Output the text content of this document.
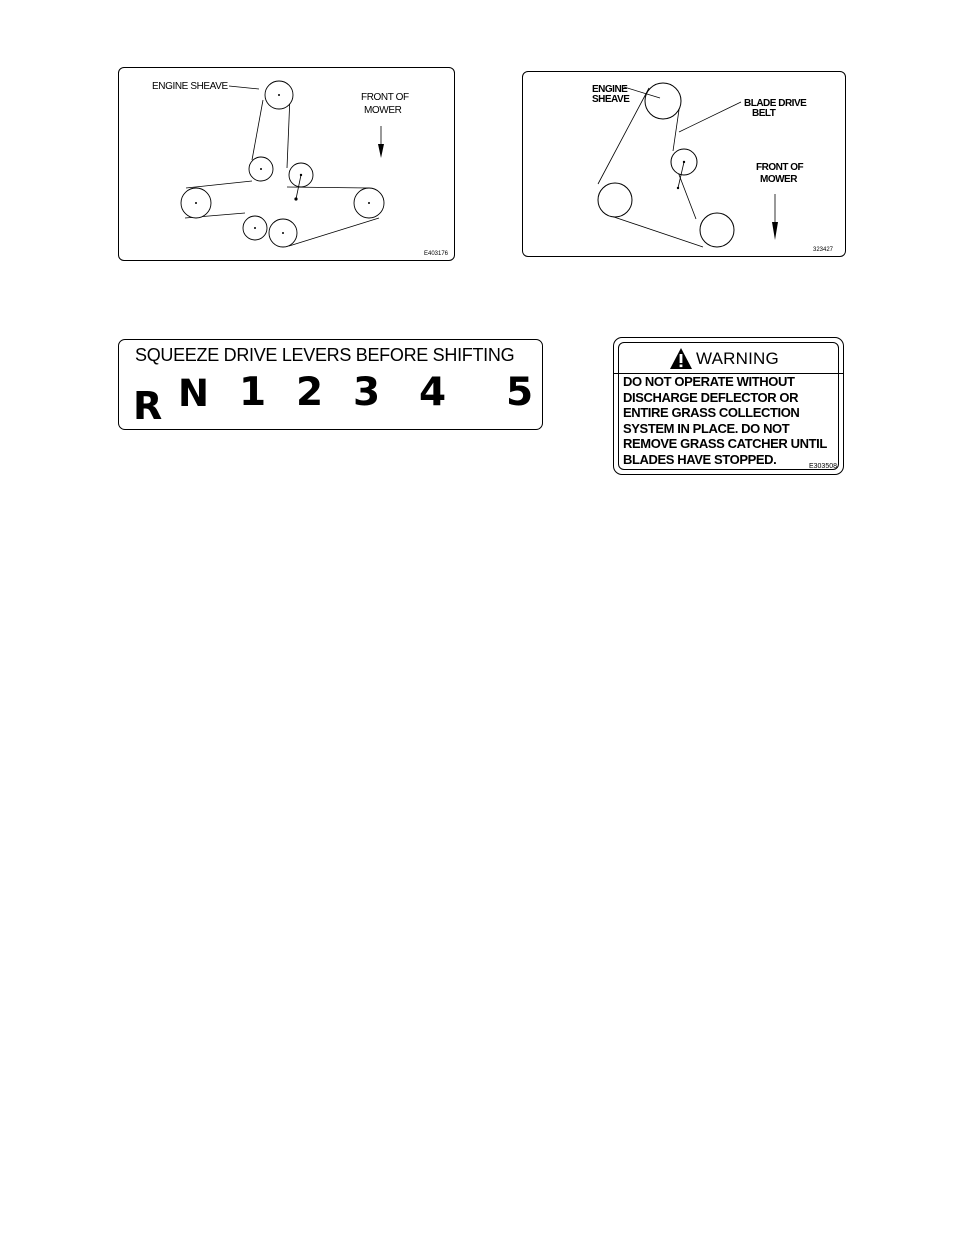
ENGINE SHEAVE
FRONT OF
MOWER
E403176
ENGINE
SHEAVE	BLADE DRIVE
BELT
FRONT OF
MOWER
323427
SQUEEZE DRIVE LEVERS BEFORE SHIFTING
R N 1 2 3 4 5
WARNING
DO NOT OPERATE WITHOUT
DISCHARGE DEFLECTOR OR
ENTIRE GRASS COLLECTION
SYSTEM IN PLACE. DO NOT
REMOVE GRASS CATCHER UNTIL
BLADES HAVE STOPPED.	E303508
